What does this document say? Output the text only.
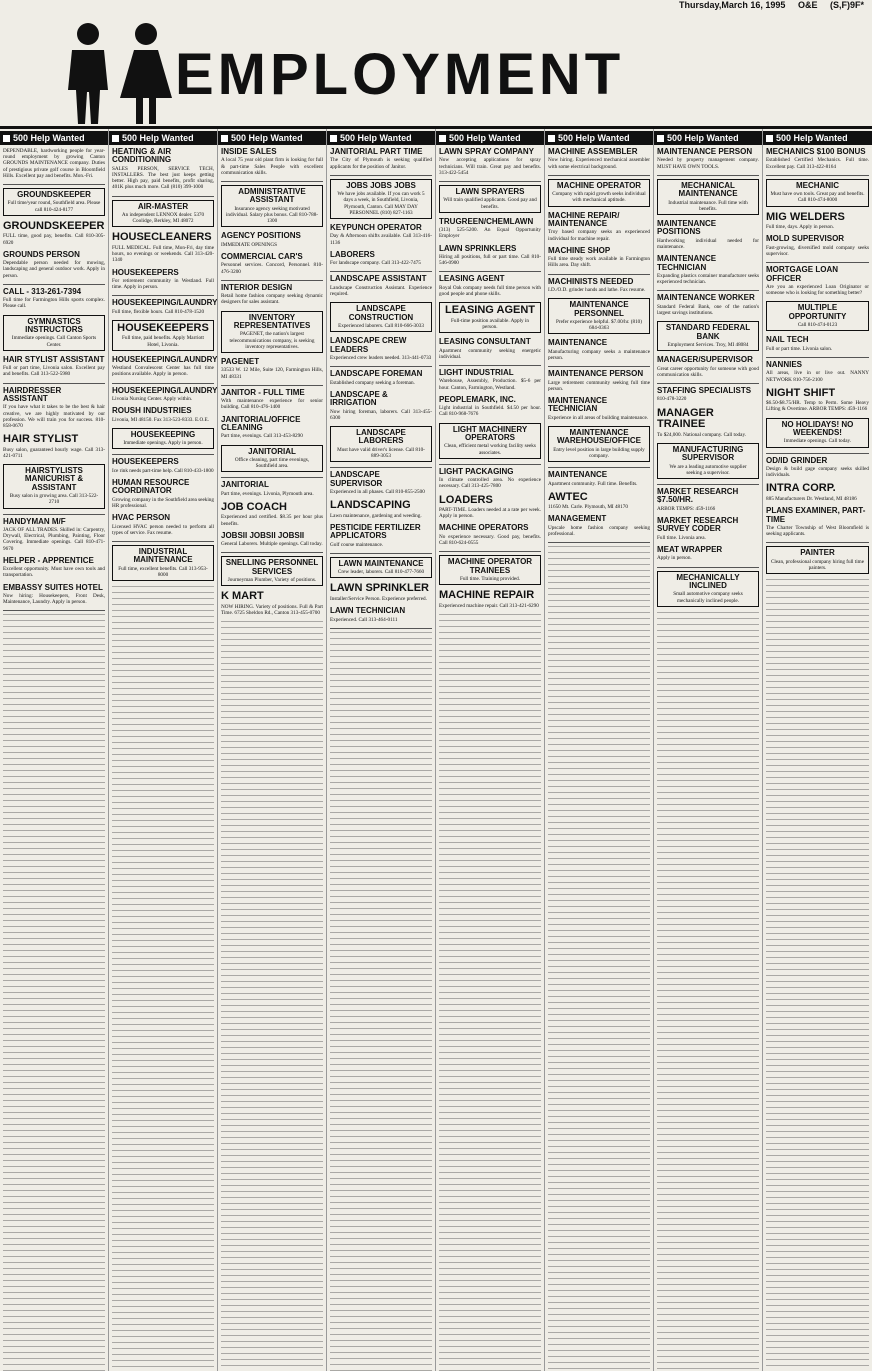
Thursday,March 16, 1995 O&E (S,F)9F*
EMPLOYMENT
500 Help Wanted

DEPENDABLE, hardworking people for year-round employment by growing Canton GROUNDS MAINTENANCE company. Duties of prestigious private golf course in Bloomfield Hills. Excellent pay and benefits. Mon.-Fri.

GROUNDSKEEPER

Full time/year round, Southfield area. Please call 810-424-8177

GROUNDSKEEPER

FULL time, good pay, benefits. Call 810-305-6920

GROUNDS PERSON

Dependable person needed for mowing, landscaping and general outdoor work. Apply in person.

CALL - 313-261-7394

Full time for Farmington Hills sports complex. Please call.

GYMNASTICS INSTRUCTORS

Immediate openings. Call Canton Sports Center.

HAIR STYLIST ASSISTANT

Full or part time, Livonia salon. Excellent pay and benefits. Call 313-522-5980

HAIRDRESSER ASSISTANT

If you have what it takes to be the best & hair creative, we are highly motivated by our profession. We will train you for success. 810-858-0670

HAIR STYLIST

Busy salon, guaranteed hourly wage. Call 313-421-0711

HAIRSTYLISTS MANICURIST & ASSISTANT

Busy salon in growing area. Call 313-522-2710

HANDYMAN M/F

JACK OF ALL TRADES. Skilled in: Carpentry, Drywall, Electrical, Plumbing, Painting, Floor Covering. Immediate openings. Call 810-471-9670

HELPER - APPRENTICE

Excellent opportunity. Must have own tools and transportation.

EMBASSY SUITES HOTEL

Now hiring: Housekeepers, Front Desk, Maintenance, Laundry. Apply in person.

500 Help Wanted
HEATING & AIR CONDITIONING

SALES PERSON, SERVICE TECH, INSTALLERS. The best just keeps getting better. High pay, paid benefits, profit sharing, 401K plus much more. Call (810) 399-1000

AIR-MASTER

An independent LENNOX dealer. 5370 Coolidge, Berkley, MI 48072

HOUSECLEANERS

FULL MEDICAL. Full time, Mon-Fri, day time hours, no evenings or weekends. Call 313-420-1340

HOUSEKEEPERS

For retirement community in Westland. Full time. Apply in person.

HOUSEKEEPING/LAUNDRY

Full time, flexible hours. Call 810-478-1520

HOUSEKEEPERS

Full time, paid benefits. Apply Marriott Hotel, Livonia.

HOUSEKEEPING/LAUNDRY

Westland Convalescent Center has full time positions available. Apply in person.

HOUSEKEEPING/LAUNDRY

Livonia Nursing Center. Apply within.

ROUSH INDUSTRIES

Livonia, MI 48150. Fax 313-523-8333. E.O.E.

HOUSEKEEPING

Immediate openings. Apply in person.

HOUSEKEEPERS

Ice rink needs part-time help. Call 810-433-1800

HUMAN RESOURCE COORDINATOR

Growing company in the Southfield area seeking HR professional.

HVAC PERSON

Licensed HVAC person needed to perform all types of service. Fax resume.

INDUSTRIAL MAINTENANCE

Full time, excellent benefits. Call 313-953-8000

500 Help Wanted
INSIDE SALES

A local 75 year old plant firm is looking for full & part-time Sales People with excellent communication skills.

ADMINISTRATIVE ASSISTANT

Insurance agency seeking motivated individual. Salary plus bonus. Call 810-788-1300

AGENCY POSITIONS

IMMEDIATE OPENINGS

COMMERCIAL CAR'S

Personnel services. Concord, Personnel. 810-476-3200

INTERIOR DESIGN

Retail home fashion company seeking dynamic designers for sales assistant.

INVENTORY REPRESENTATIVES

PAGENET, the nation's largest telecommunications company, is seeking inventory representatives.

PAGENET

33533 W. 12 Mile, Suite 120, Farmington Hills, MI 48331

JANITOR - FULL TIME

With maintenance experience for senior building. Call 810-476-1400

JANITORIAL/OFFICE CLEANING

Part time, evenings. Call 313-453-8290

JANITORIAL

Office cleaning, part time evenings, Southfield area.

JANITORIAL

Part time, evenings. Livonia, Plymouth area.

JOB COACH

Experienced and certified. $8.35 per hour plus benefits.

JOBSII JOBSII JOBSII

General Laborers. Multiple openings. Call today.

SNELLING PERSONNEL SERVICES

Journeyman Plumber, Variety of positions.

K MART

NOW HIRING. Variety of positions. Full & Part Time. 6725 Sheldon Rd., Canton 313-455-0700

500 Help Wanted
JANITORIAL PART TIME

The City of Plymouth is seeking qualified applicants for the position of Janitor.

JOBS JOBS JOBS

We have jobs available. If you can work 5 days a week, in Southfield, Livonia, Plymouth, Canton. Call MAY DAY PERSONNEL (810) 827-1163

KEYPUNCH OPERATOR

Day & Afternoon shifts available. Call 313-416-1136

LABORERS

For landscape company. Call 313-422-7475

LANDSCAPE ASSISTANT

Landscape Construction Assistant. Experience required.

LANDSCAPE CONSTRUCTION

Experienced laborers. Call 810-666-3033

LANDSCAPE CREW LEADERS

Experienced crew leaders needed. 313-441-0733

LANDSCAPE FOREMAN

Established company seeking a foreman.

LANDSCAPE & IRRIGATION

Now hiring foreman, laborers. Call 313-455-6300

LANDSCAPE LABORERS

Must have valid driver's license. Call 810-889-3053

LANDSCAPE SUPERVISOR

Experienced in all phases. Call 810-855-2500

LANDSCAPING

Lawn maintenance, gardening and weeding.

PESTICIDE FERTILIZER APPLICATORS

Golf course maintenance.

LAWN MAINTENANCE

Crew leader, laborers. Call 810-477-7660

LAWN SPRINKLER

Installer/Service Person. Experience preferred.

LAWN TECHNICIAN

Experienced. Call 313-464-0111

500 Help Wanted
LAWN SPRAY COMPANY

Now accepting applications for spray technicians. Will train. Great pay and benefits. 313-422-5454

LAWN SPRAYERS

Will train qualified applicants. Good pay and benefits.

TRUGREEN/CHEMLAWN

(313) 525-5200. An Equal Opportunity Employer

LAWN SPRINKLERS

Hiring all positions, full or part time. Call 810-546-0900

LEASING AGENT

Royal Oak company needs full time person with good people and phone skills.

LEASING AGENT

Full-time position available. Apply in person.

LEASING CONSULTANT

Apartment community seeking energetic individual.

LIGHT INDUSTRIAL

Warehouse, Assembly, Production. $5-6 per hour. Canton, Farmington, Westland.

PEOPLEMARK, INC.

Light industrial in Southfield. $4.50 per hour. Call 810-968-7676

LIGHT MACHINERY OPERATORS

Clean, efficient metal working facility seeks associates.

LIGHT PACKAGING

In climate controlled area. No experience necessary. Call 313-425-7800

LOADERS

PART-TIME. Loaders needed at a rate per week. Apply in person.

MACHINE OPERATORS

No experience necessary. Good pay, benefits. Call 810-624-0555

MACHINE OPERATOR TRAINEES

Full time. Training provided.

MACHINE REPAIR

Experienced machine repair. Call 313-421-6290

500 Help Wanted
MACHINE ASSEMBLER

Now hiring. Experienced mechanical assembler with some electrical background.

MACHINE OPERATOR

Company with rapid growth seeks individual with mechanical aptitude.

MACHINE REPAIR/ MAINTENANCE

Troy based company seeks an experienced individual for machine repair.

MACHINE SHOP

Full time steady work available in Farmington Hills area. Day shift.

MACHINISTS NEEDED

I.D./O.D. grinder hands and lathe. Fax resume.

MAINTENANCE PERSONNEL

Prefer experience helpful. $7.00/hr. (810) 684-0363

MAINTENANCE

Manufacturing company seeks a maintenance person.

MAINTENANCE PERSON

Large retirement community seeking full time person.

MAINTENANCE TECHNICIAN

Experience in all areas of building maintenance.

MAINTENANCE WAREHOUSE/OFFICE

Entry level position in large building supply company.

MAINTENANCE

Apartment community. Full time. Benefits.

AWTEC

11650 Mt. Carle. Plymouth, MI 48170

MANAGEMENT

Upscale home fashion company seeking professional.

500 Help Wanted
MAINTENANCE PERSON

Needed by property management company. MUST HAVE OWN TOOLS.

MECHANICAL MAINTENANCE

Industrial maintenance. Full time with benefits.

MAINTENANCE POSITIONS

Hardworking individual needed for maintenance.

MAINTENANCE TECHNICIAN

Expanding plastics container manufacturer seeks experienced technician.

MAINTENANCE WORKER

Standard Federal Bank, one of the nation's largest savings institutions.

STANDARD FEDERAL BANK

Employment Services. Troy, MI 48084

MANAGER/SUPERVISOR

Great career opportunity for someone with good communication skills.

STAFFING SPECIALISTS

810-478-3220

MANAGER TRAINEE

To $24,000. National company. Call today.

MANUFACTURING SUPERVISOR

We are a leading automotive supplier seeking a supervisor.

MARKET RESEARCH $7.50/HR.

ARBOR TEMPS: 459-1166

MARKET RESEARCH SURVEY CODER

Full time. Livonia area.

MEAT WRAPPER

Apply in person.

MECHANICALLY INCLINED

Small automotive company seeks mechanically inclined people.

500 Help Wanted
MECHANICS $100 BONUS

Established Certified Mechanics. Full time. Excellent pay. Call 313-422-8164

MECHANIC

Must have own tools. Great pay and benefits. Call 810-474-8000

MIG WELDERS

Full time, days. Apply in person.

MOLD SUPERVISOR

Fast-growing, diversified mold company seeks supervisor.

MORTGAGE LOAN OFFICER

Are you an experienced Loan Originator or someone who is looking for something better?

MULTIPLE OPPORTUNITY

Call 810-474-0123

NAIL TECH

Full or part time. Livonia salon.

NANNIES

All areas, live in or live out. NANNY NETWORK 810-756-2100

NIGHT SHIFT

$6.50-$8.75/HR. Temp to Perm. Some Heavy Lifting & Overtime. ARBOR TEMPS: 459-1166

NO HOLIDAYS! NO WEEKENDS!

Immediate openings. Call today.

OD/ID GRINDER

Design & build gage company seeks skilled individuals.

INTRA CORP.

885 Manufacturers Dr. Westland, MI 48186

PLANS EXAMINER, PART-TIME

The Charter Township of West Bloomfield is seeking applicants.

PAINTER

Clean, professional company hiring full time painters.
